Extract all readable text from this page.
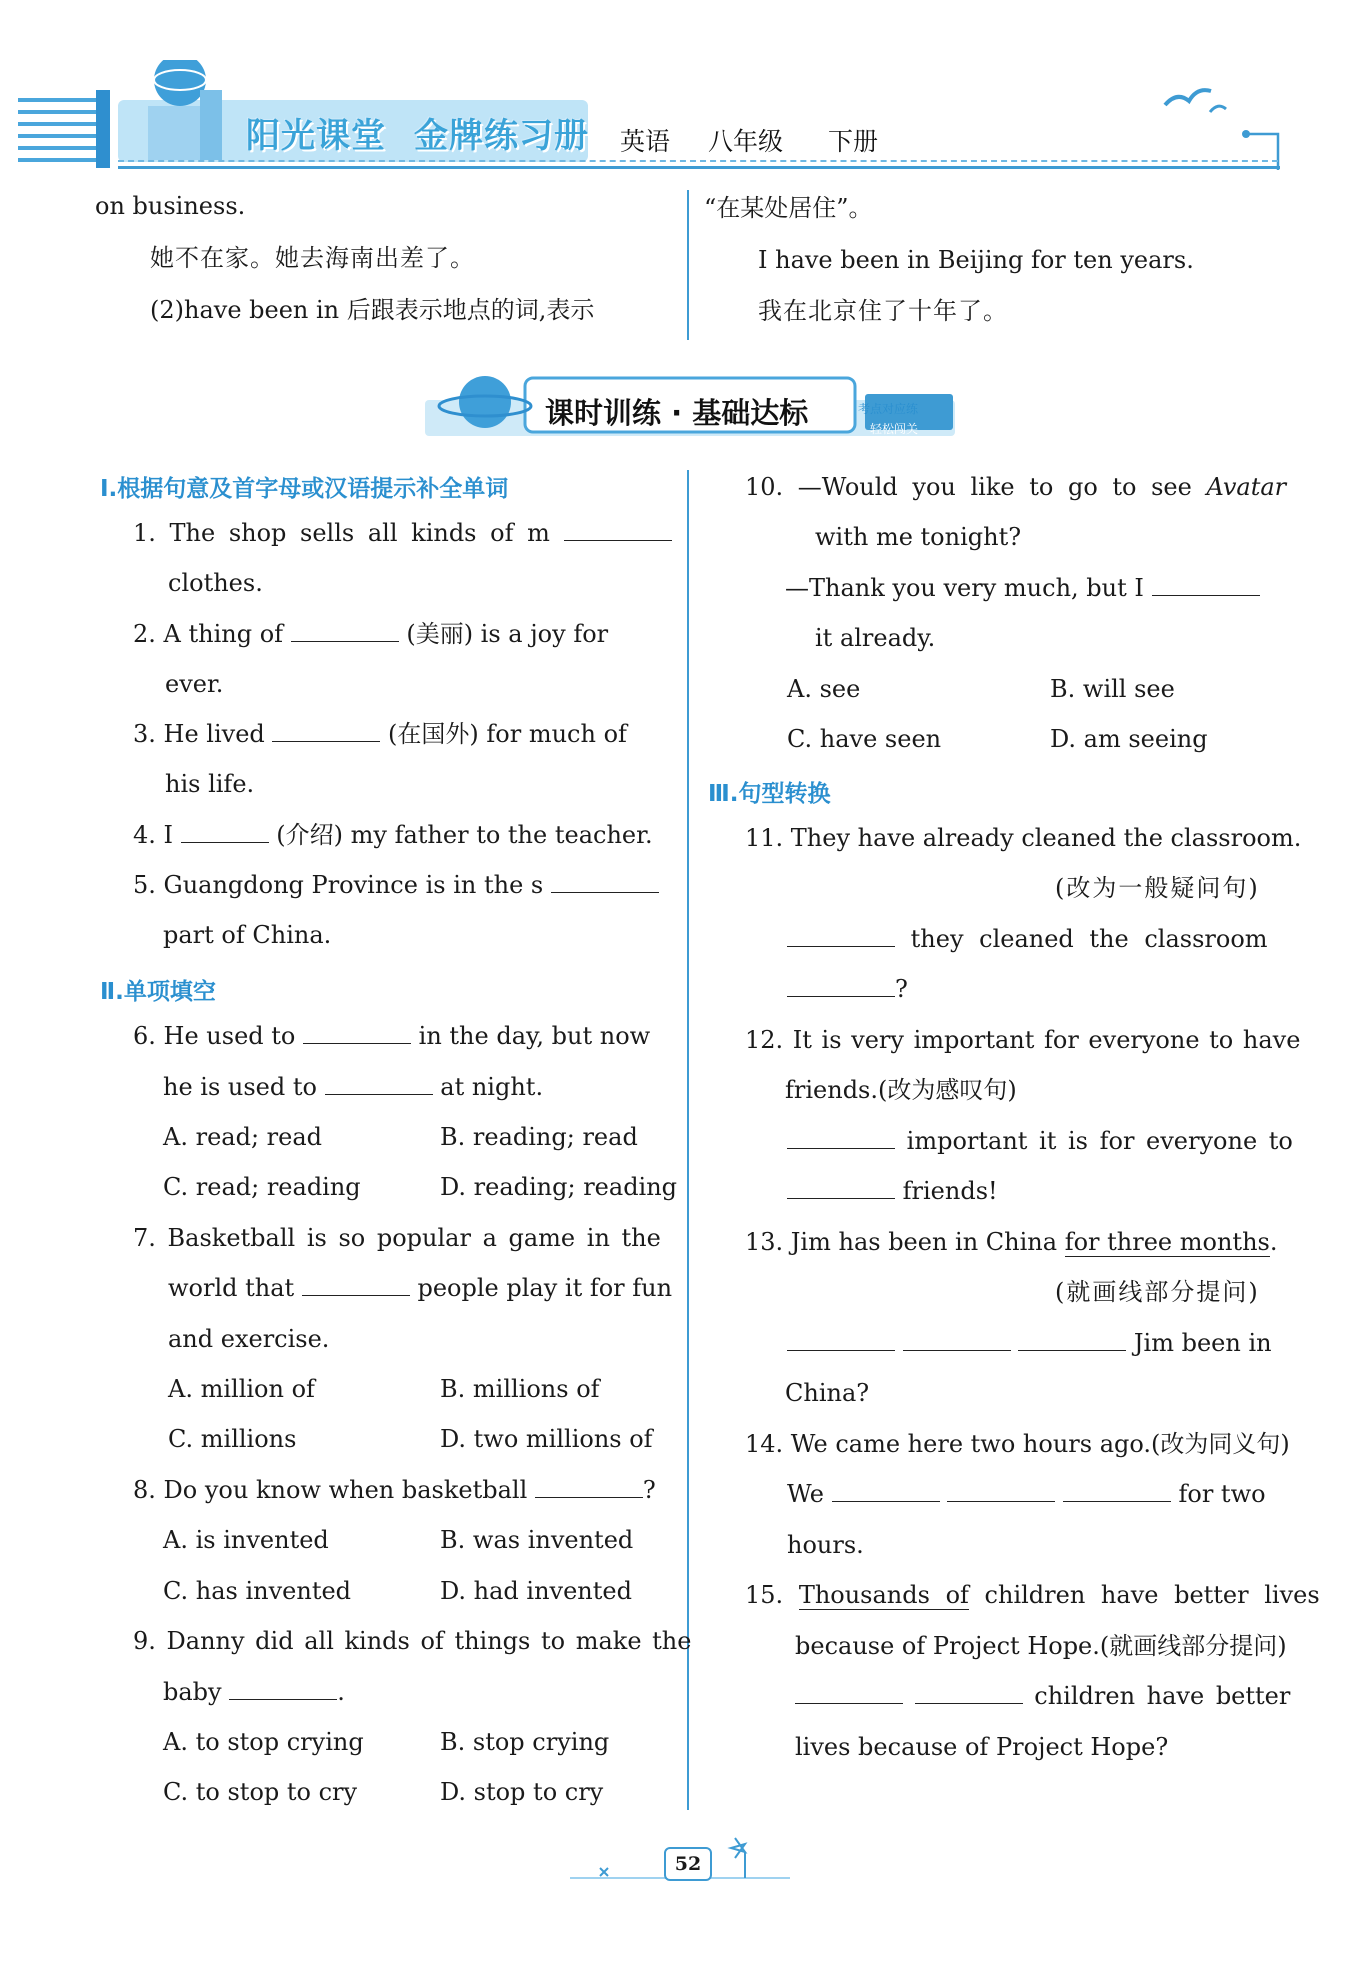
阳光课堂 金牌练习册 英语 八年级 下册
on business.
她不在家。她去海南出差了。
(2)have been in 后跟表示地点的词,表示
“在某处居住”。
I have been in Beijing for ten years.
我在北京住了十年了。
课时训练 · 基础达标	考点对应练
轻松闯关
Ⅰ.根据句意及首字母或汉语提示补全单词
1. The shop sells all kinds of m
clothes.
2. A thing of	(美丽) is a joy for
ever.
3. He lived	(在国外) for much of
his life.
4. I	(介绍) my father to the teacher.
5. Guangdong Province is in the s
part of China.
Ⅱ.单项填空
6. He used to	in the day, but now
he is used to	at night.
A. read; read	B. reading; read
C. read; reading	D. reading; reading
7. Basketball is so popular a game in the
world that	people play it for fun
and exercise.
A. million of	B. millions of
C. millions	D. two millions of
8. Do you know when basketball	?
A. is invented	B. was invented
C. has invented	D. had invented
9. Danny did all kinds of things to make the
baby	.
A. to stop crying	B. stop crying
C. to stop to cry	D. stop to cry
10. —Would you like to go to see Avatar
with me tonight?
—Thank you very much, but I
it already.
A. see	B. will see
C. have seen	D. am seeing
Ⅲ.句型转换
11. They have already cleaned the classroom.
(改为一般疑问句)
they cleaned the classroom
?
12. It is very important for everyone to have
friends.(改为感叹句)
important it is for everyone to
friends!
13. Jim has been in China for three months.
(就画线部分提问)
Jim been in
China?
14. We came here two hours ago.(改为同义句)
We	for two
hours.
15. Thousands of children have better lives
because of Project Hope.(就画线部分提问)
children have better
lives because of Project Hope?
52
